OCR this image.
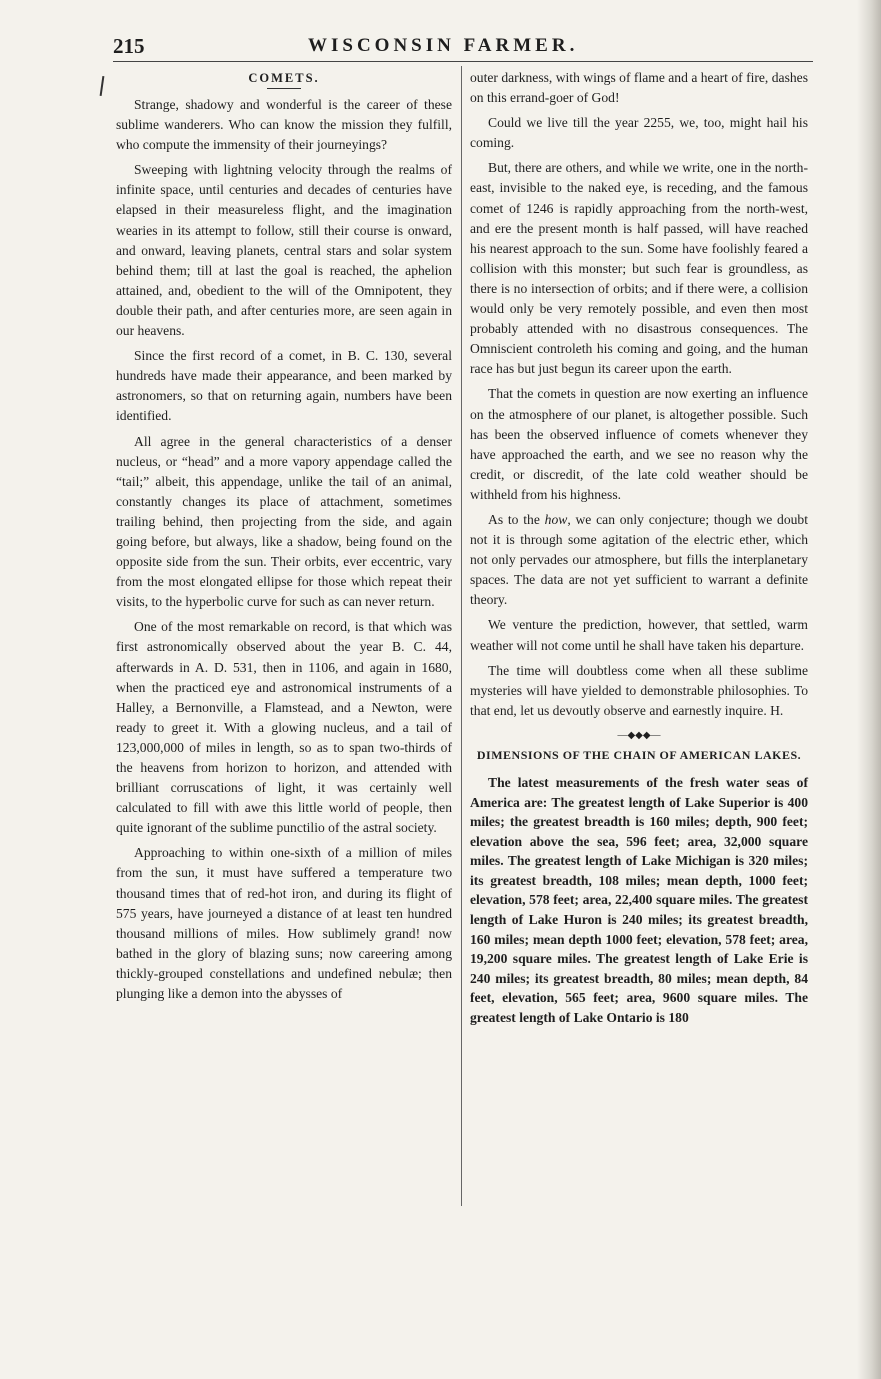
215	WISCONSIN FARMER.
COMETS.

Strange, shadowy and wonderful is the career of these sublime wanderers. Who can know the mission they fulfill, who compute the immensity of their journeyings?

Sweeping with lightning velocity through the realms of infinite space, until centuries and decades of centuries have elapsed in their measureless flight, and the imagination wearies in its attempt to follow, still their course is onward, and onward, leaving planets, central stars and solar system behind them; till at last the goal is reached, the aphelion attained, and, obedient to the will of the Omnipotent, they double their path, and after centuries more, are seen again in our heavens.

Since the first record of a comet, in B. C. 130, several hundreds have made their appearance, and been marked by astronomers, so that on returning again, numbers have been identified.

All agree in the general characteristics of a denser nucleus, or “head” and a more vapory appendage called the “tail;” albeit, this appendage, unlike the tail of an animal, constantly changes its place of attachment, sometimes trailing behind, then projecting from the side, and again going before, but always, like a shadow, being found on the opposite side from the sun. Their orbits, ever eccentric, vary from the most elongated ellipse for those which repeat their visits, to the hyperbolic curve for such as can never return.

One of the most remarkable on record, is that which was first astronomically observed about the year B. C. 44, afterwards in A. D. 531, then in 1106, and again in 1680, when the practiced eye and astronomical instruments of a Halley, a Bernonville, a Flamstead, and a Newton, were ready to greet it. With a glowing nucleus, and a tail of 123,000,000 of miles in length, so as to span two-thirds of the heavens from horizon to horizon, and attended with brilliant corruscations of light, it was certainly well calculated to fill with awe this little world of people, then quite ignorant of the sublime punctilio of the astral society.

Approaching to within one-sixth of a million of miles from the sun, it must have suffered a temperature two thousand times that of red-hot iron, and during its flight of 575 years, have journeyed a distance of at least ten hundred thousand millions of miles. How sublimely grand! now bathed in the glory of blazing suns; now careering among thickly-grouped constellations and undefined nebulæ; then plunging like a demon into the abysses of

outer darkness, with wings of flame and a heart of fire, dashes on this errand-goer of God!

Could we live till the year 2255, we, too, might hail his coming.

But, there are others, and while we write, one in the north-east, invisible to the naked eye, is receding, and the famous comet of 1246 is rapidly approaching from the north-west, and ere the present month is half passed, will have reached his nearest approach to the sun. Some have foolishly feared a collision with this monster; but such fear is groundless, as there is no intersection of orbits; and if there were, a collision would only be very remotely possible, and even then most probably attended with no disastrous consequences. The Omniscient controleth his coming and going, and the human race has but just begun its career upon the earth.

That the comets in question are now exerting an influence on the atmosphere of our planet, is altogether possible. Such has been the observed influence of comets whenever they have approached the earth, and we see no reason why the credit, or discredit, of the late cold weather should be withheld from his highness.

As to the how, we can only conjecture; though we doubt not it is through some agitation of the electric ether, which not only pervades our atmosphere, but fills the interplanetary spaces. The data are not yet sufficient to warrant a definite theory.

We venture the prediction, however, that settled, warm weather will not come until he shall have taken his departure.

The time will doubtless come when all these sublime mysteries will have yielded to demonstrable philosophies. To that end, let us devoutly observe and earnestly inquire. H.

—◆◆◆—
DIMENSIONS OF THE CHAIN OF AMERICAN LAKES.

The latest measurements of the fresh water seas of America are: The greatest length of Lake Superior is 400 miles; the greatest breadth is 160 miles; depth, 900 feet; elevation above the sea, 596 feet; area, 32,000 square miles. The greatest length of Lake Michigan is 320 miles; its greatest breadth, 108 miles; mean depth, 1000 feet; elevation, 578 feet; area, 22,400 square miles. The greatest length of Lake Huron is 240 miles; its greatest breadth, 160 miles; mean depth 1000 feet; elevation, 578 feet; area, 19,200 square miles. The greatest length of Lake Erie is 240 miles; its greatest breadth, 80 miles; mean depth, 84 feet, elevation, 565 feet; area, 9600 square miles. The greatest length of Lake Ontario is 180
